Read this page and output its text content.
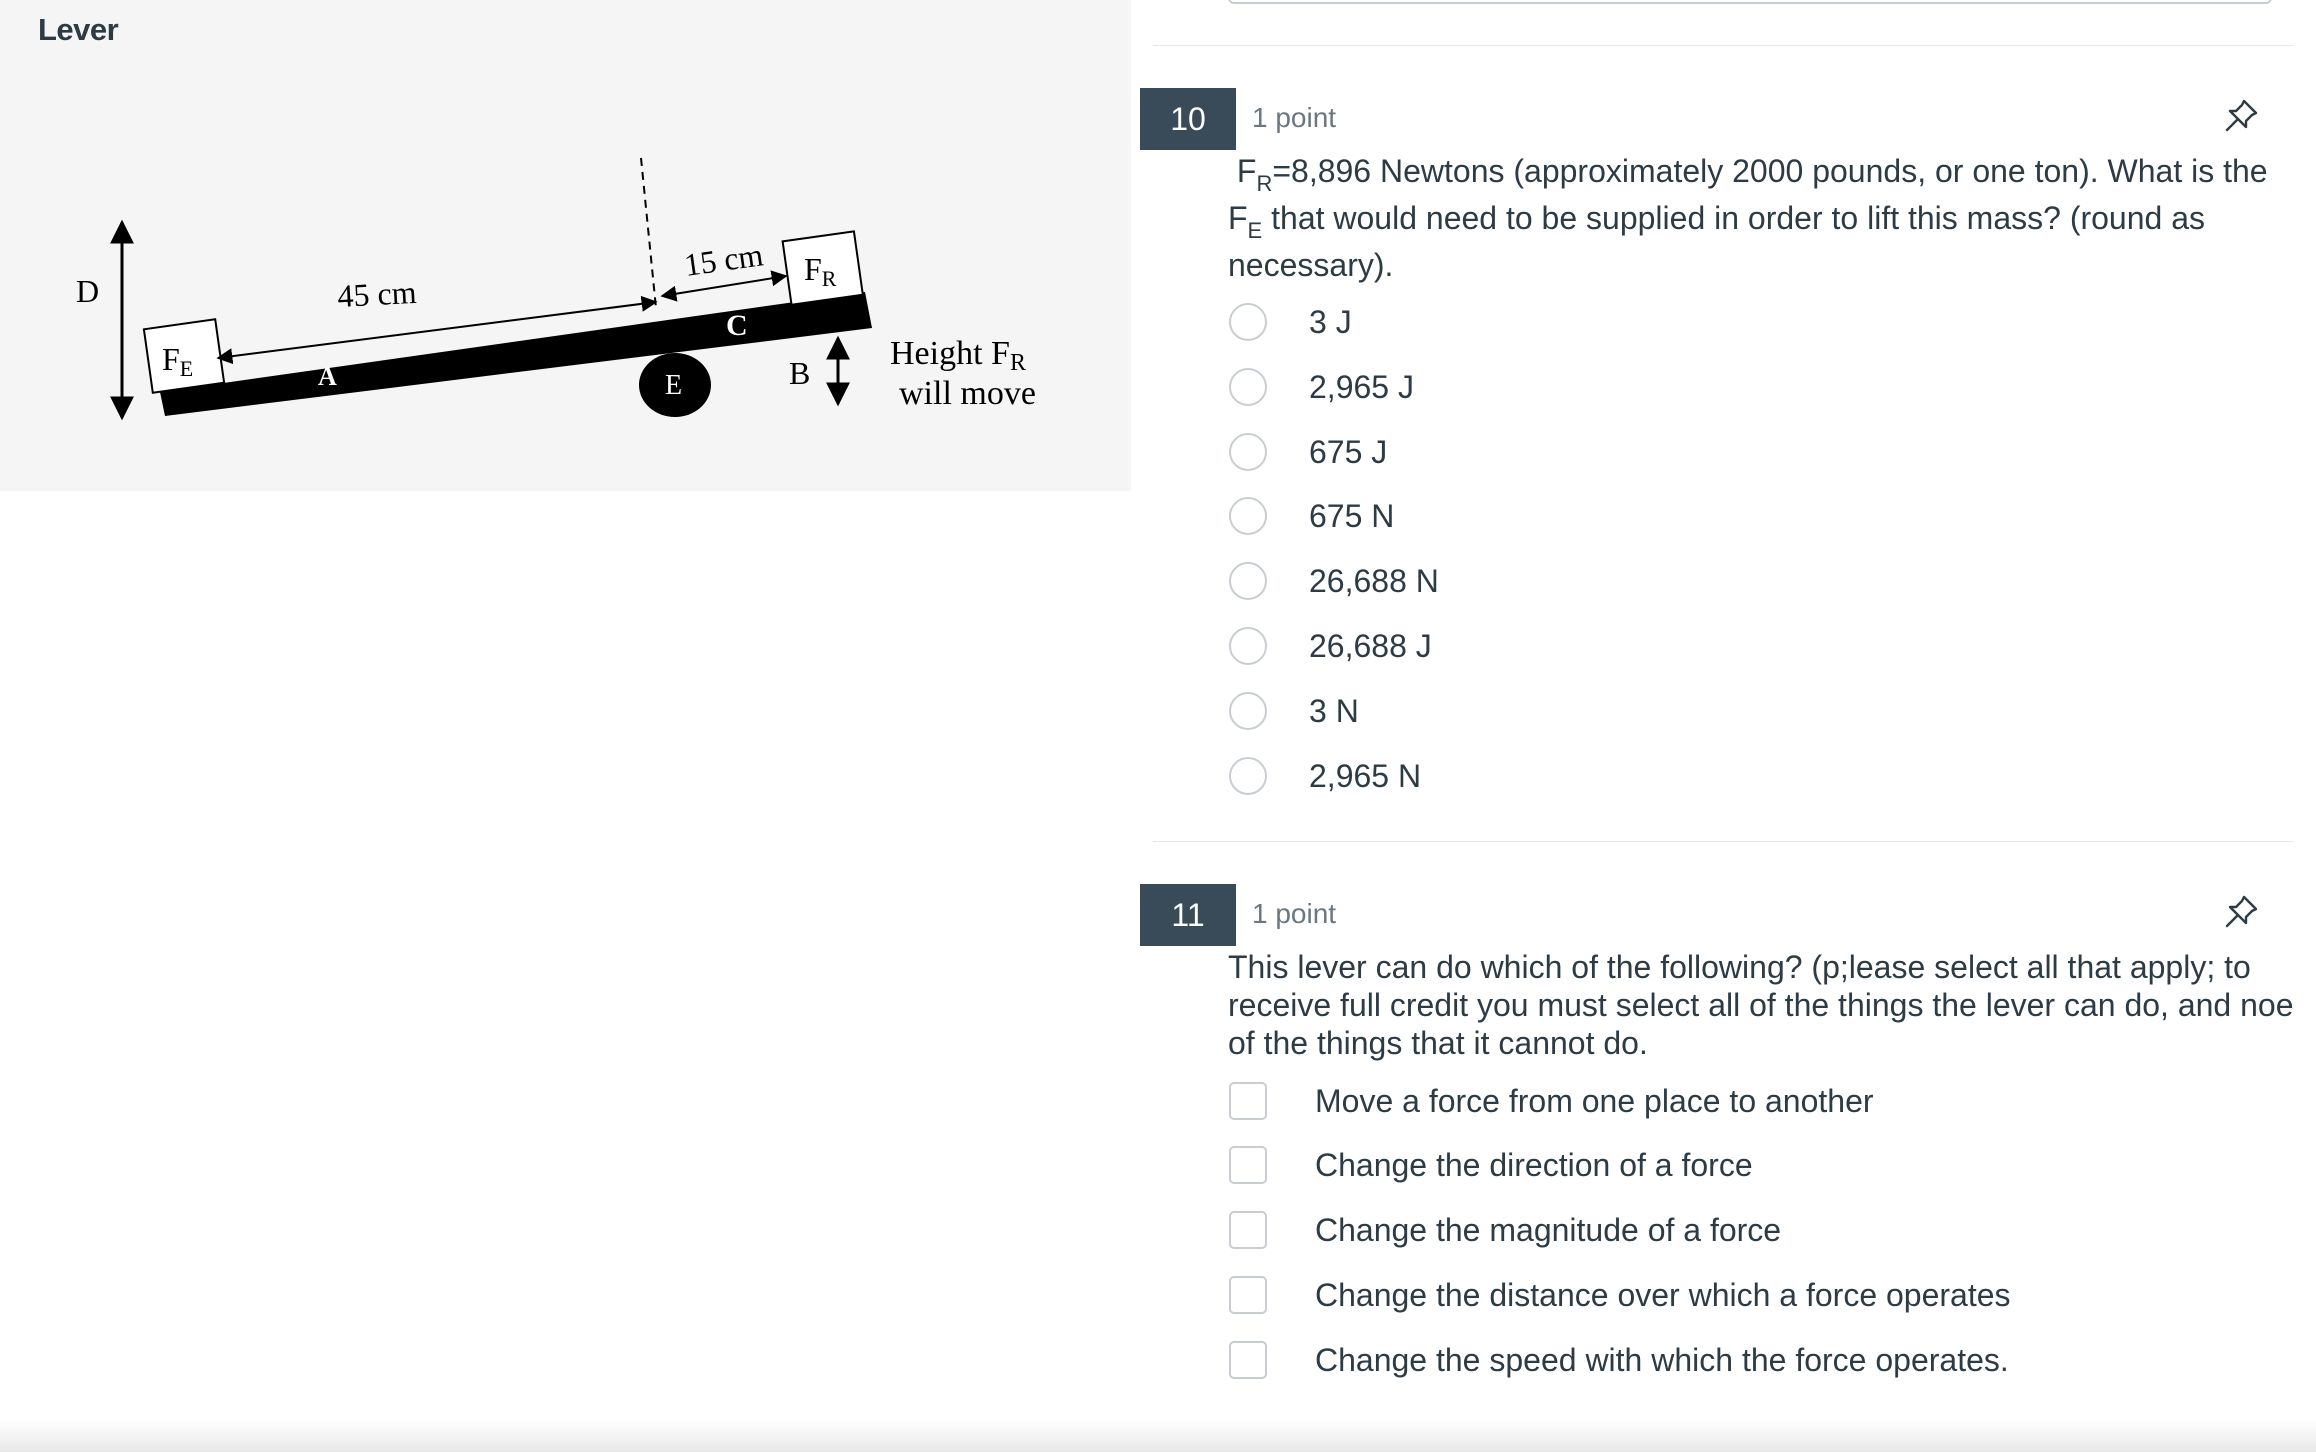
Lever
D
E
FE
FR
45 cm
15 cm
A
C
B
Height FR
will move
10	1 point
$F_R=8,896$ Newtons (approximately 2000 pounds, or one ton). What is the
$F_E$ that would need to be supplied in order to lift this mass? (round as
necessary).
3 J
2,965 J
675 J
675 N
26,688 N
26,688 J
3 N
2,965 N
11	1 point
This lever can do which of the following? (p;lease select all that apply; to
receive full credit you must select all of the things the lever can do, and noe
of the things that it cannot do.
Move a force from one place to another
Change the direction of a force
Change the magnitude of a force
Change the distance over which a force operates
Change the speed with which the force operates.
